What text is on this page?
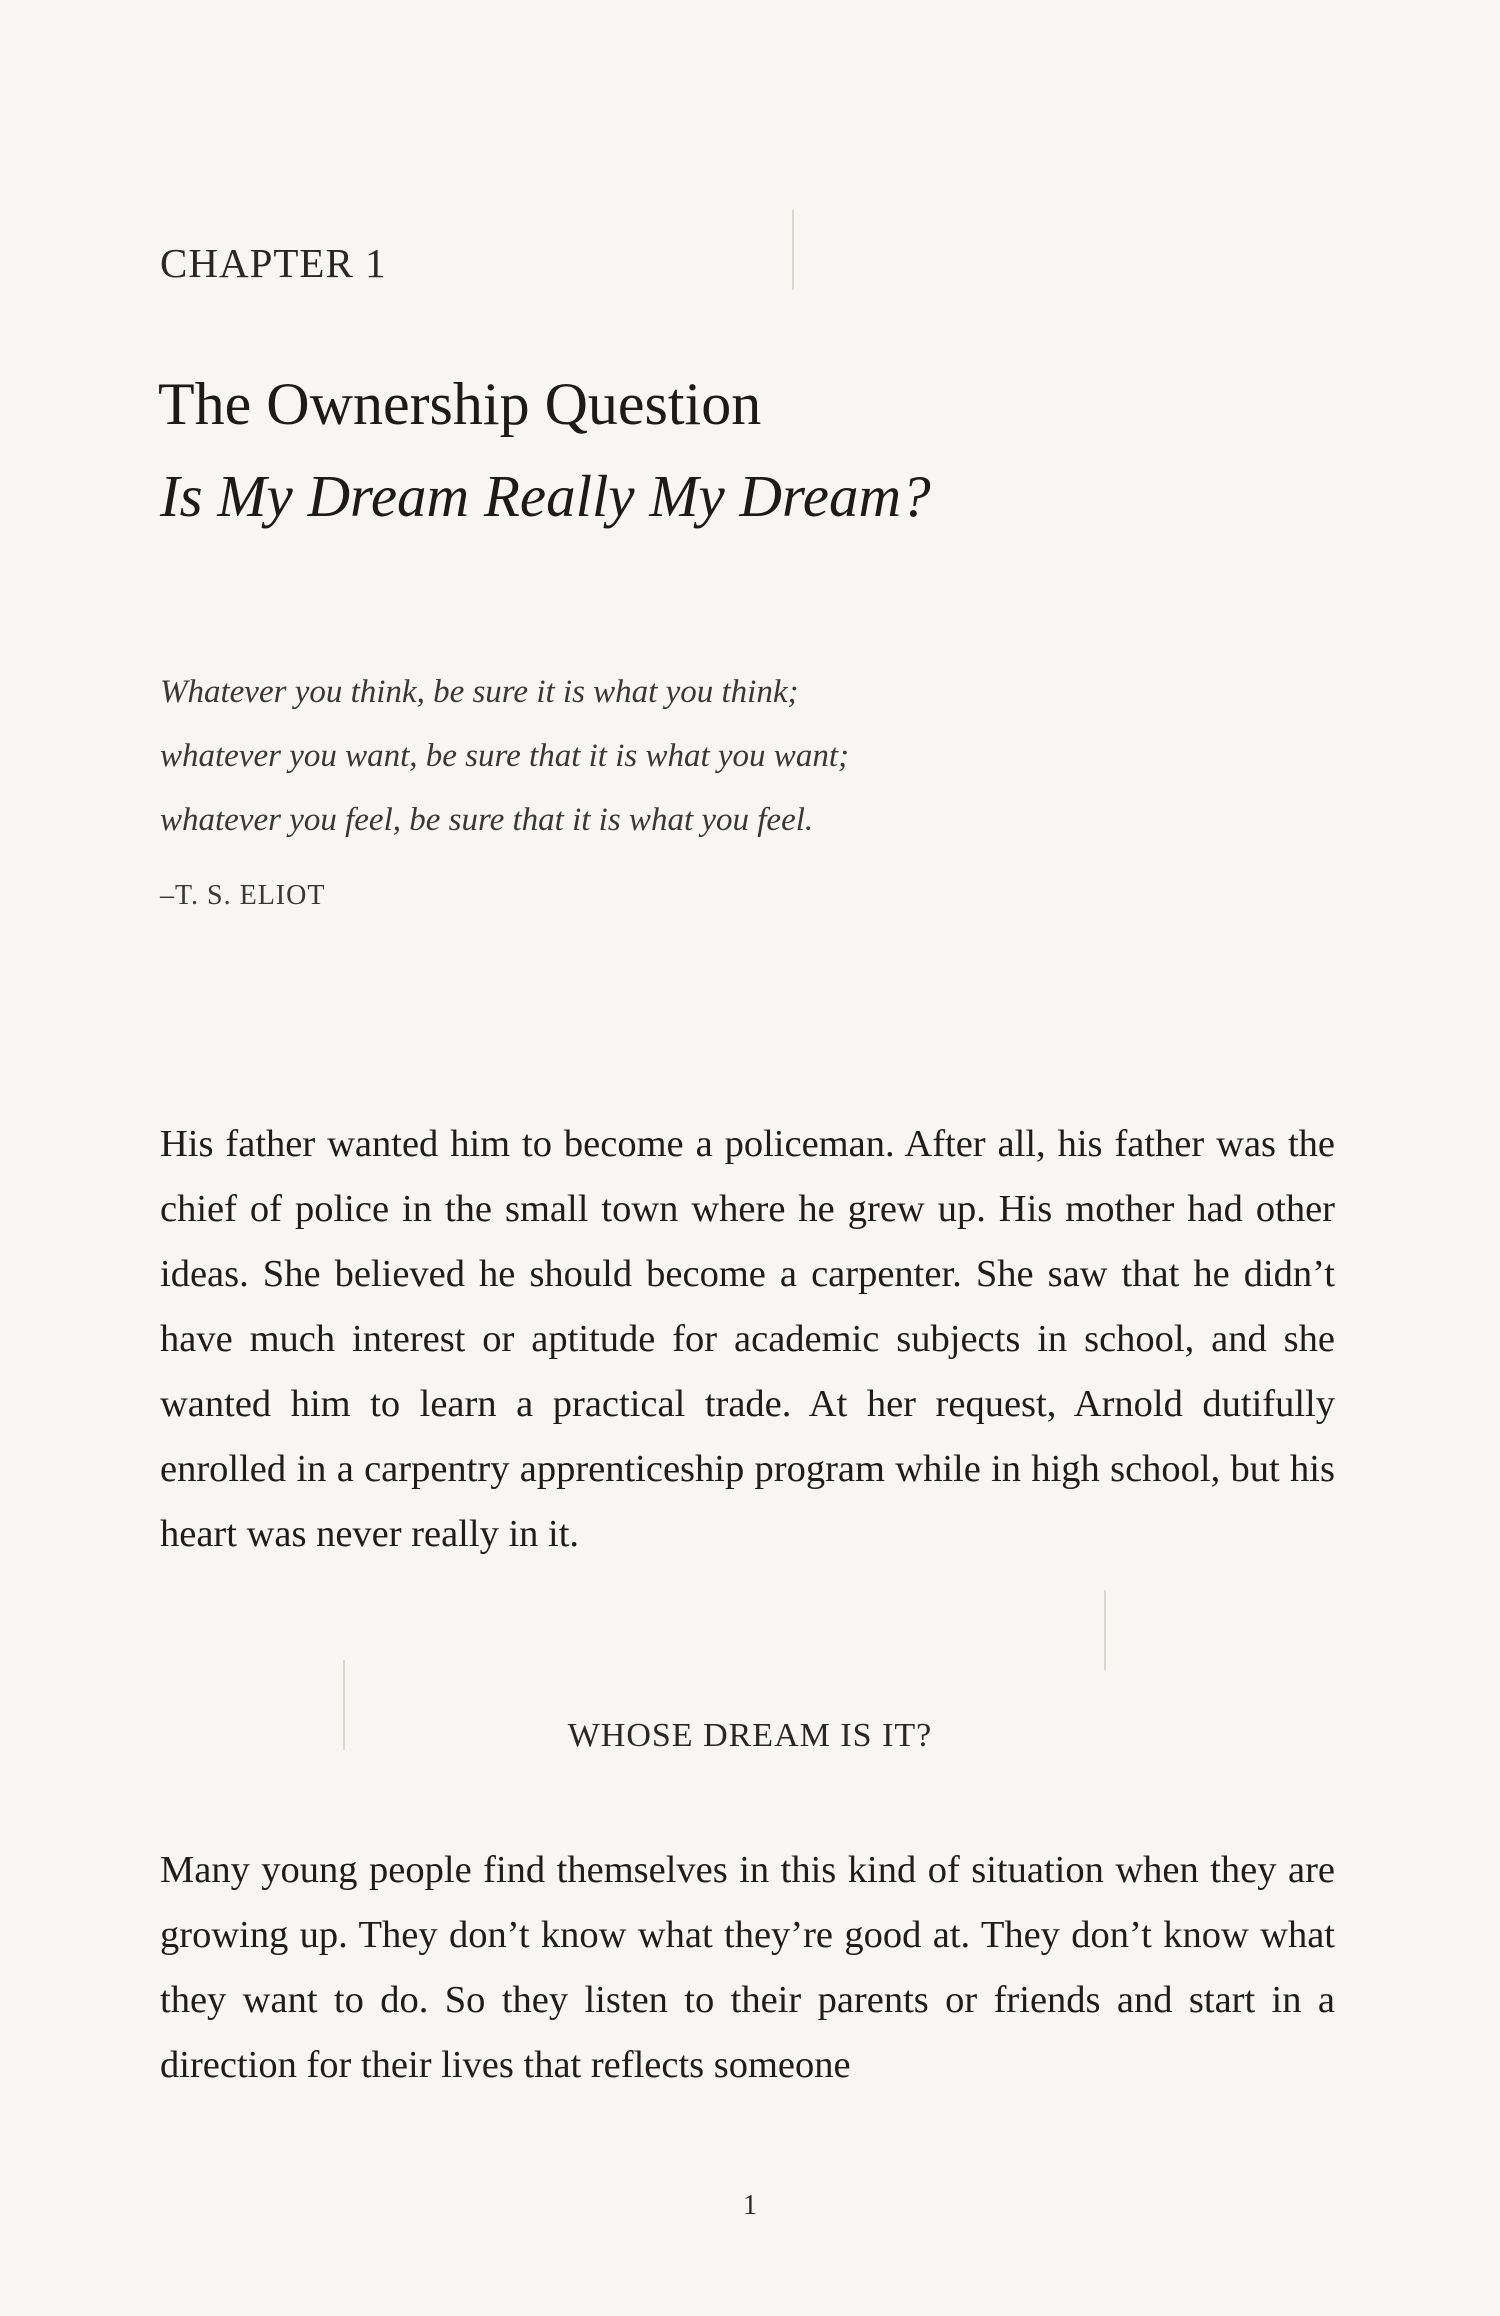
CHAPTER 1
The Ownership Question
Is My Dream Really My Dream?
Whatever you think, be sure it is what you think;
whatever you want, be sure that it is what you want;
whatever you feel, be sure that it is what you feel.
–T. S. ELIOT
His father wanted him to become a policeman. After all, his father was the chief of police in the small town where he grew up. His mother had other ideas. She believed he should become a carpenter. She saw that he didn’t have much interest or aptitude for academic subjects in school, and she wanted him to learn a practical trade. At her request, Arnold dutifully enrolled in a carpentry apprenticeship program while in high school, but his heart was never really in it.
WHOSE DREAM IS IT?
Many young people find themselves in this kind of situation when they are growing up. They don’t know what they’re good at. They don’t know what they want to do. So they listen to their parents or friends and start in a direction for their lives that reflects someone
1
